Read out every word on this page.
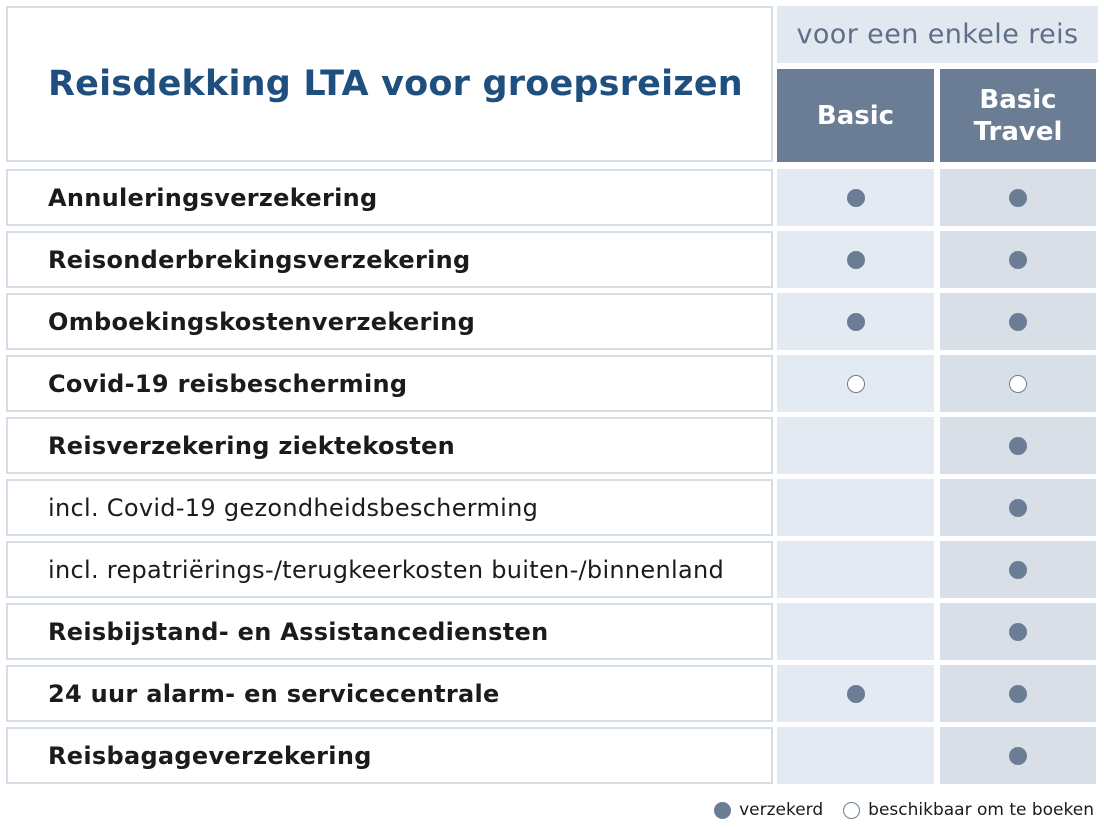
Reisdekking LTA voor groepsreizen
voor een enkele reis
Basic
Basic
Travel
Annuleringsverzekering
Reisonderbrekingsverzekering
Omboekingskostenverzekering
Covid-19 reisbescherming
Reisverzekering ziektekosten
incl. Covid-19 gezondheidsbescherming
incl. repatriërings-/terugkeerkosten buiten-/binnenland
Reisbijstand- en Assistancediensten
24 uur alarm- en servicecentrale
Reisbagageverzekering
verzekerd	beschikbaar om te boeken
